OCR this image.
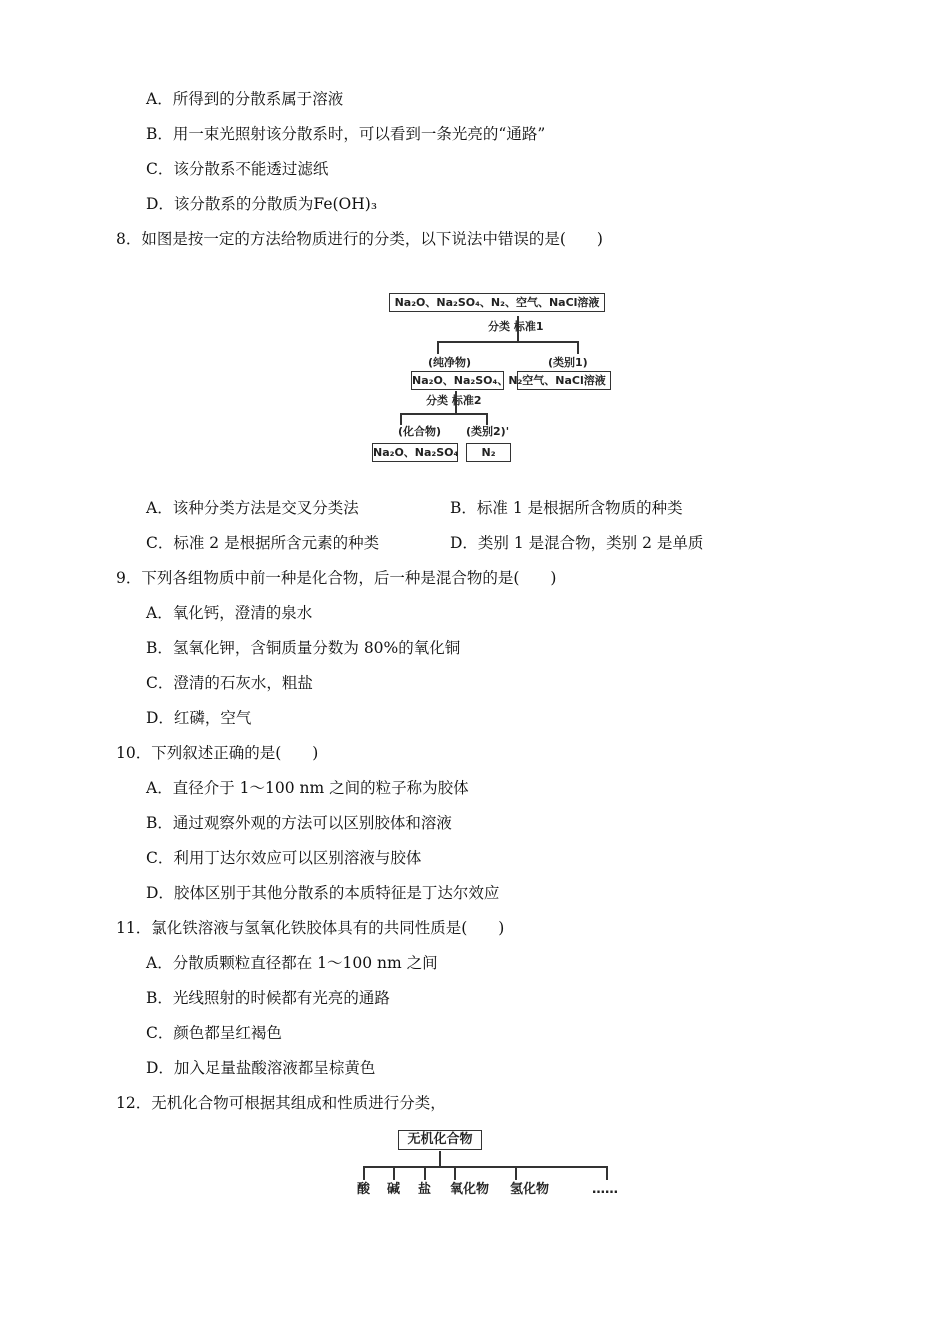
A．所得到的分散系属于溶液
B．用一束光照射该分散系时，可以看到一条光亮的“通路”
C．该分散系不能透过滤纸
D．该分散系的分散质为Fe(OH)₃
8．如图是按一定的方法给物质进行的分类，以下说法中错误的是(　　)
Na₂O、Na₂SO₄、N₂、空气、NaCl溶液
分类 标准1
(纯净物)	(类别1)
Na₂O、Na₂SO₄、N₂ 空气、NaCl溶液
分类 标准2
(化合物) (类别2)'
Na₂O、Na₂SO₄	N₂
A．该种分类方法是交叉分类法	B．标准 1 是根据所含物质的种类
C．标准 2 是根据所含元素的种类	D．类别 1 是混合物，类别 2 是单质
9．下列各组物质中前一种是化合物，后一种是混合物的是(　　)
A．氧化钙，澄清的泉水
B．氢氧化钾，含铜质量分数为 80%的氧化铜
C．澄清的石灰水，粗盐
D．红磷，空气
10．下列叙述正确的是(　　)
A．直径介于 1～100 nm 之间的粒子称为胶体
B．通过观察外观的方法可以区别胶体和溶液
C．利用丁达尔效应可以区别溶液与胶体
D．胶体区别于其他分散系的本质特征是丁达尔效应
11．氯化铁溶液与氢氧化铁胶体具有的共同性质是(　　)
A．分散质颗粒直径都在 1～100 nm 之间
B．光线照射的时候都有光亮的通路
C．颜色都呈红褐色
D．加入足量盐酸溶液都呈棕黄色
12．无机化合物可根据其组成和性质进行分类，
无机化合物
酸 碱 盐 氧化物 氢化物	……
